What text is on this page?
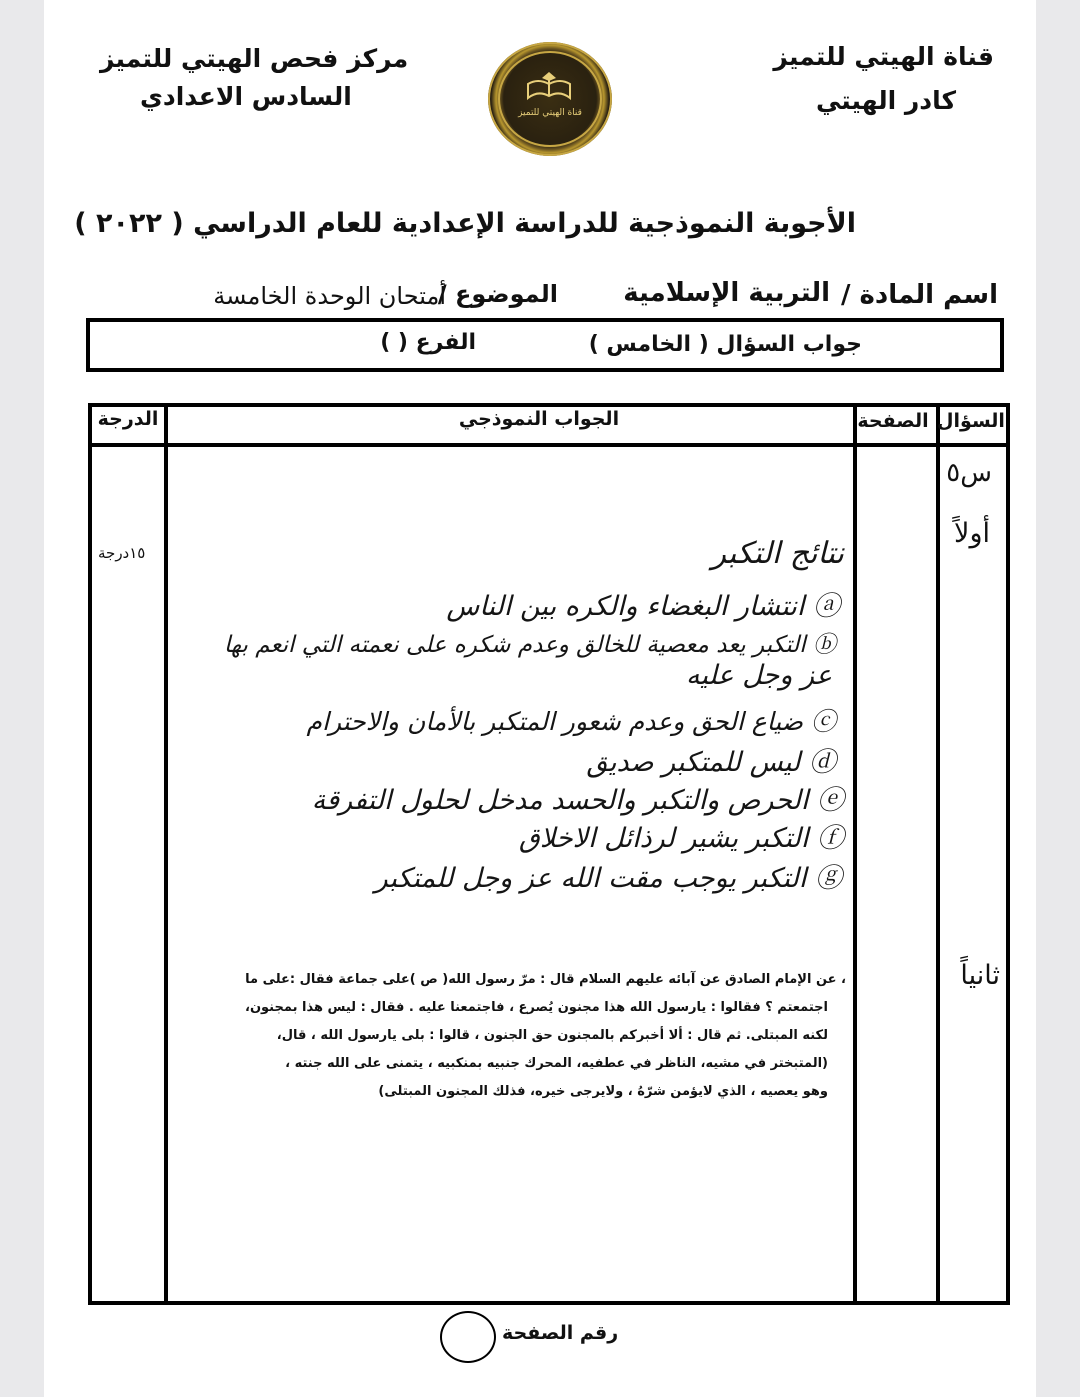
قناة الهيتي للتميز
كادر الهيتي
مركز فحص الهيتي للتميز
السادس الاعدادي
قناة الهيتي للتميز
الأجوبة النموذجية للدراسة الإعدادية للعام الدراسي ( ٢٠٢٢ )
اسم المادة /
التربية الإسلامية
الموضوع /
أمتحان الوحدة الخامسة
جواب السؤال ( الخامس )
الفرع ( )
السؤال
الصفحة
الجواب النموذجي
الدرجة
س٥
أولاً
ثانياً
١٥درجة	نتائج التكبر
ⓐ انتشار البغضاء والكره بين الناس
ⓑ التكبر يعد معصية للخالق وعدم شكره على نعمته التي انعم بها
عز وجل عليه
ⓒ ضياع الحق وعدم شعور المتكبر بالأمان والاحترام
ⓓ ليس للمتكبر صديق
ⓔ الحرص والتكبر والحسد مدخل لحلول التفرقة
ⓕ التكبر يشير لرذائل الاخلاق
ⓖ التكبر يوجب مقت الله عز وجل للمتكبر
، عن الإمام الصادق عن آبائه عليهم السلام قال : مرّ رسول الله( ص )على جماعة فقال :على ما
اجتمعتم ؟ فقالوا : يارسول الله هذا مجنون يُصرع ، فاجتمعنا عليه . فقال : ليس هذا بمجنون،
لكنه المبتلى. ثم قال : ألا أخبركم بالمجنون حق الجنون ، قالوا : بلى يارسول الله ، قال،
(المتبختر في مشيه، الناظر في عطفيه، المحرك جنبيه بمنكبيه ، يتمنى على الله جنته ،
وهو يعصيه ، الذي لايؤمن شرّهُ ، ولايرجى خيره، فذلك المجنون المبتلى)
رقم الصفحة
